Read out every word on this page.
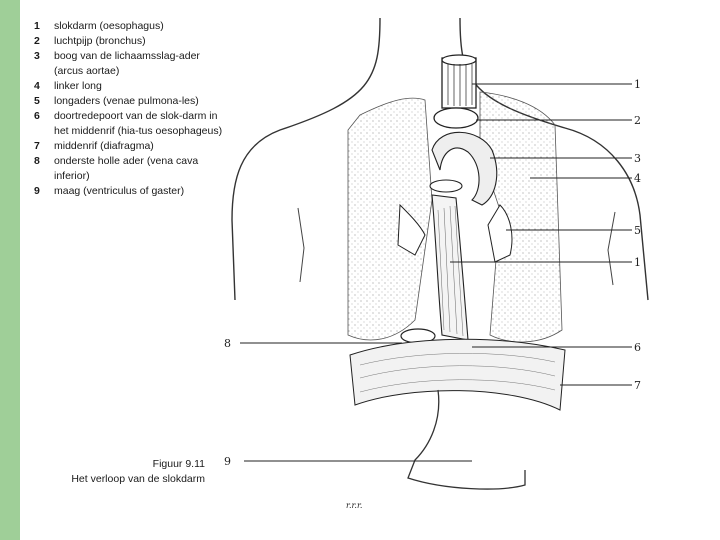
1 slokdarm (oesophagus)
2 luchtpijp (bronchus)
3 boog van de lichaamsslag-ader (arcus aortae)
4 linker long
5 longaders (venae pulmona-les)
6 doortredepoort van de slok-darm in het middenrif (hia-tus oesophageus)
7 middenrif (diafragma)
8 onderste holle ader (vena cava inferior)
9 maag (ventriculus of gaster)
Figuur 9.11
Het verloop van de slokdarm
1
2
3
4
5
1
6
7
8
9
r.r.r.
